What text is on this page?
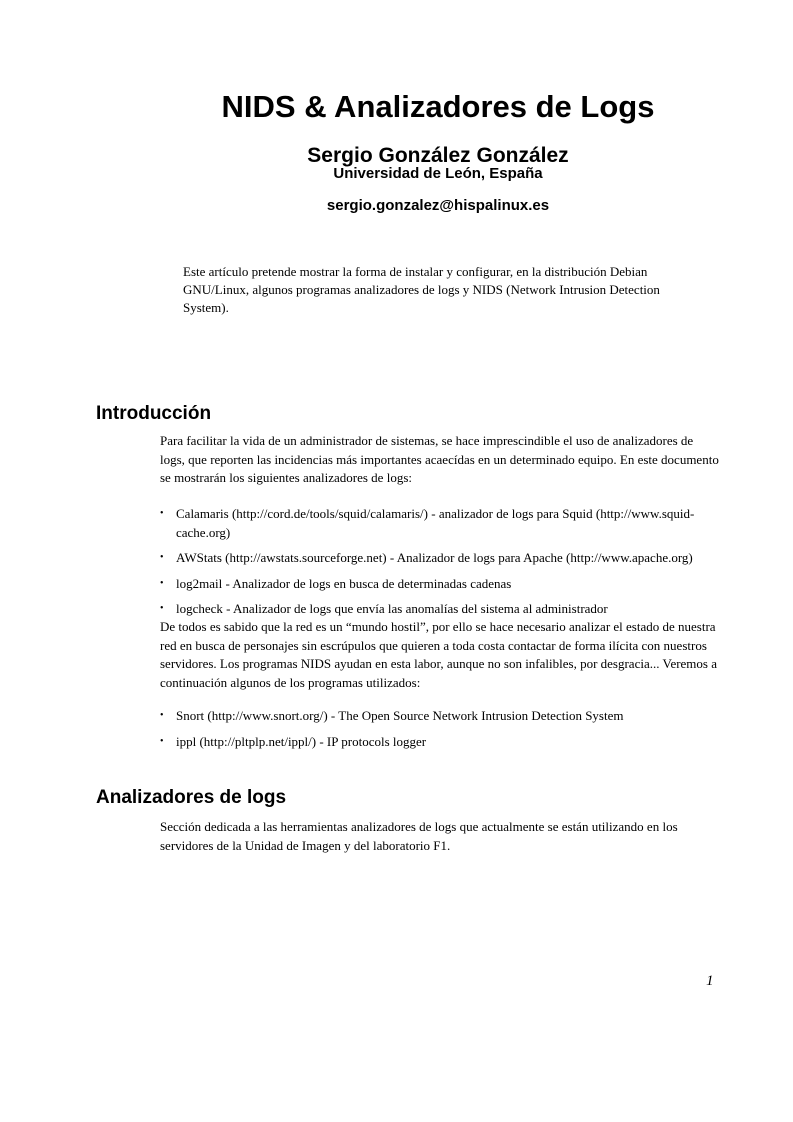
NIDS & Analizadores de Logs
Sergio González González
Universidad de León, España
sergio.gonzalez@hispalinux.es

Este artículo pretende mostrar la forma de instalar y configurar, en la distribución Debian GNU/Linux, algunos programas analizadores de logs y NIDS (Network Intrusion Detection System).

Introducción

Para facilitar la vida de un administrador de sistemas, se hace imprescindible el uso de analizadores de logs, que reporten las incidencias más importantes acaecídas en un determinado equipo. En este documento se mostrarán los siguientes analizadores de logs:

• Calamaris (http://cord.de/tools/squid/calamaris/) - analizador de logs para Squid (http://www.squid-cache.org)
• AWStats (http://awstats.sourceforge.net) - Analizador de logs para Apache (http://www.apache.org)
• log2mail - Analizador de logs en busca de determinadas cadenas
• logcheck - Analizador de logs que envía las anomalías del sistema al administrador

De todos es sabido que la red es un “mundo hostil”, por ello se hace necesario analizar el estado de nuestra red en busca de personajes sin escrúpulos que quieren a toda costa contactar de forma ilícita con nuestros servidores. Los programas NIDS ayudan en esta labor, aunque no son infalibles, por desgracia... Veremos a continuación algunos de los programas utilizados:

• Snort (http://www.snort.org/) - The Open Source Network Intrusion Detection System
• ippl (http://pltplp.net/ippl/) - IP protocols logger
Analizadores de logs

Sección dedicada a las herramientas analizadores de logs que actualmente se están utilizando en los servidores de la Unidad de Imagen y del laboratorio F1.

1
